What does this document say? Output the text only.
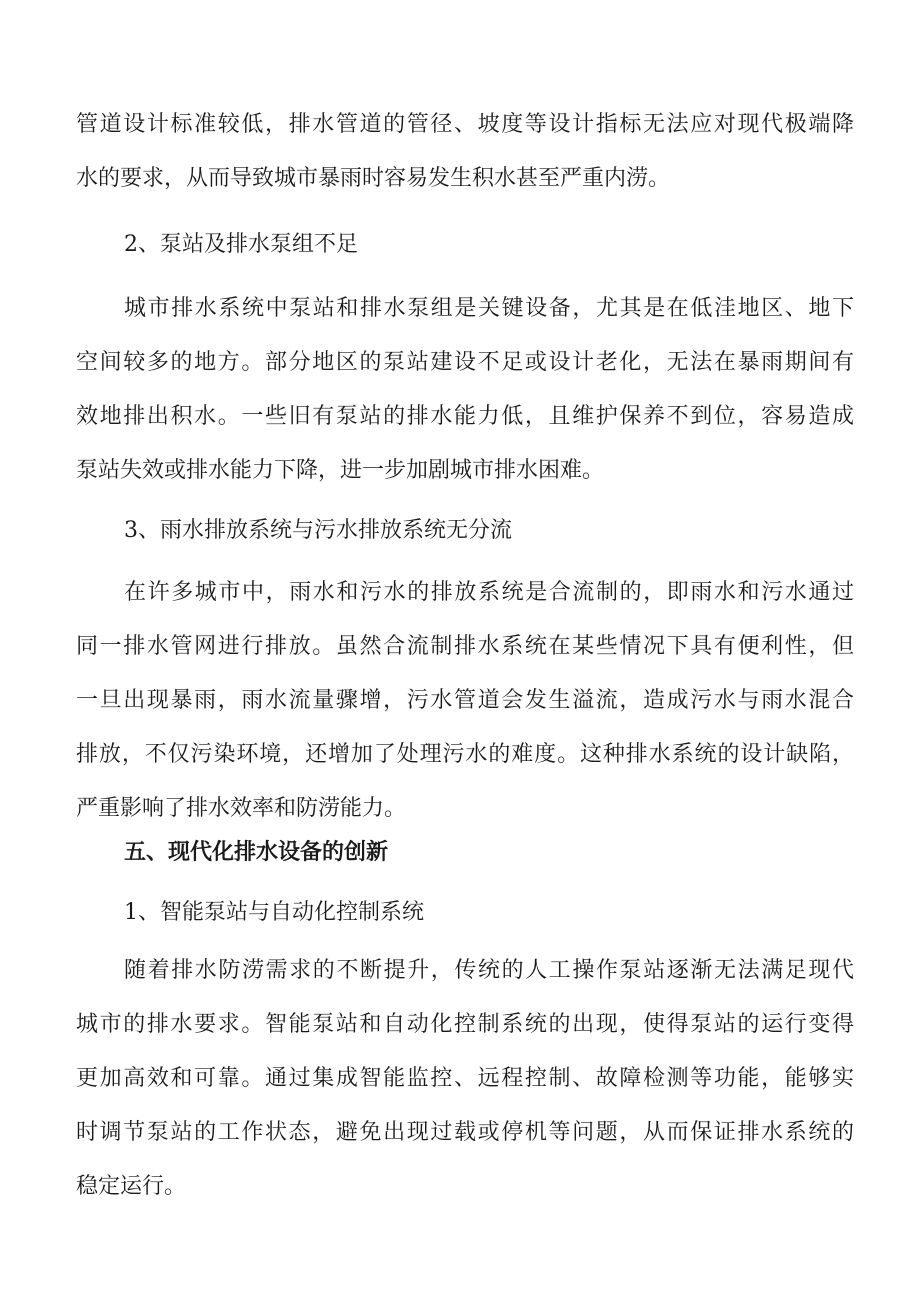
管道设计标准较低，排水管道的管径、坡度等设计指标无法应对现代极端降
水的要求，从而导致城市暴雨时容易发生积水甚至严重内涝。
2、泵站及排水泵组不足
城市排水系统中泵站和排水泵组是关键设备，尤其是在低洼地区、地下
空间较多的地方。部分地区的泵站建设不足或设计老化，无法在暴雨期间有
效地排出积水。一些旧有泵站的排水能力低，且维护保养不到位，容易造成
泵站失效或排水能力下降，进一步加剧城市排水困难。
3、雨水排放系统与污水排放系统无分流
在许多城市中，雨水和污水的排放系统是合流制的，即雨水和污水通过
同一排水管网进行排放。虽然合流制排水系统在某些情况下具有便利性，但
一旦出现暴雨，雨水流量骤增，污水管道会发生溢流，造成污水与雨水混合
排放，不仅污染环境，还增加了处理污水的难度。这种排水系统的设计缺陷，
严重影响了排水效率和防涝能力。
五、现代化排水设备的创新
1、智能泵站与自动化控制系统
随着排水防涝需求的不断提升，传统的人工操作泵站逐渐无法满足现代
城市的排水要求。智能泵站和自动化控制系统的出现，使得泵站的运行变得
更加高效和可靠。通过集成智能监控、远程控制、故障检测等功能，能够实
时调节泵站的工作状态，避免出现过载或停机等问题，从而保证排水系统的
稳定运行。
